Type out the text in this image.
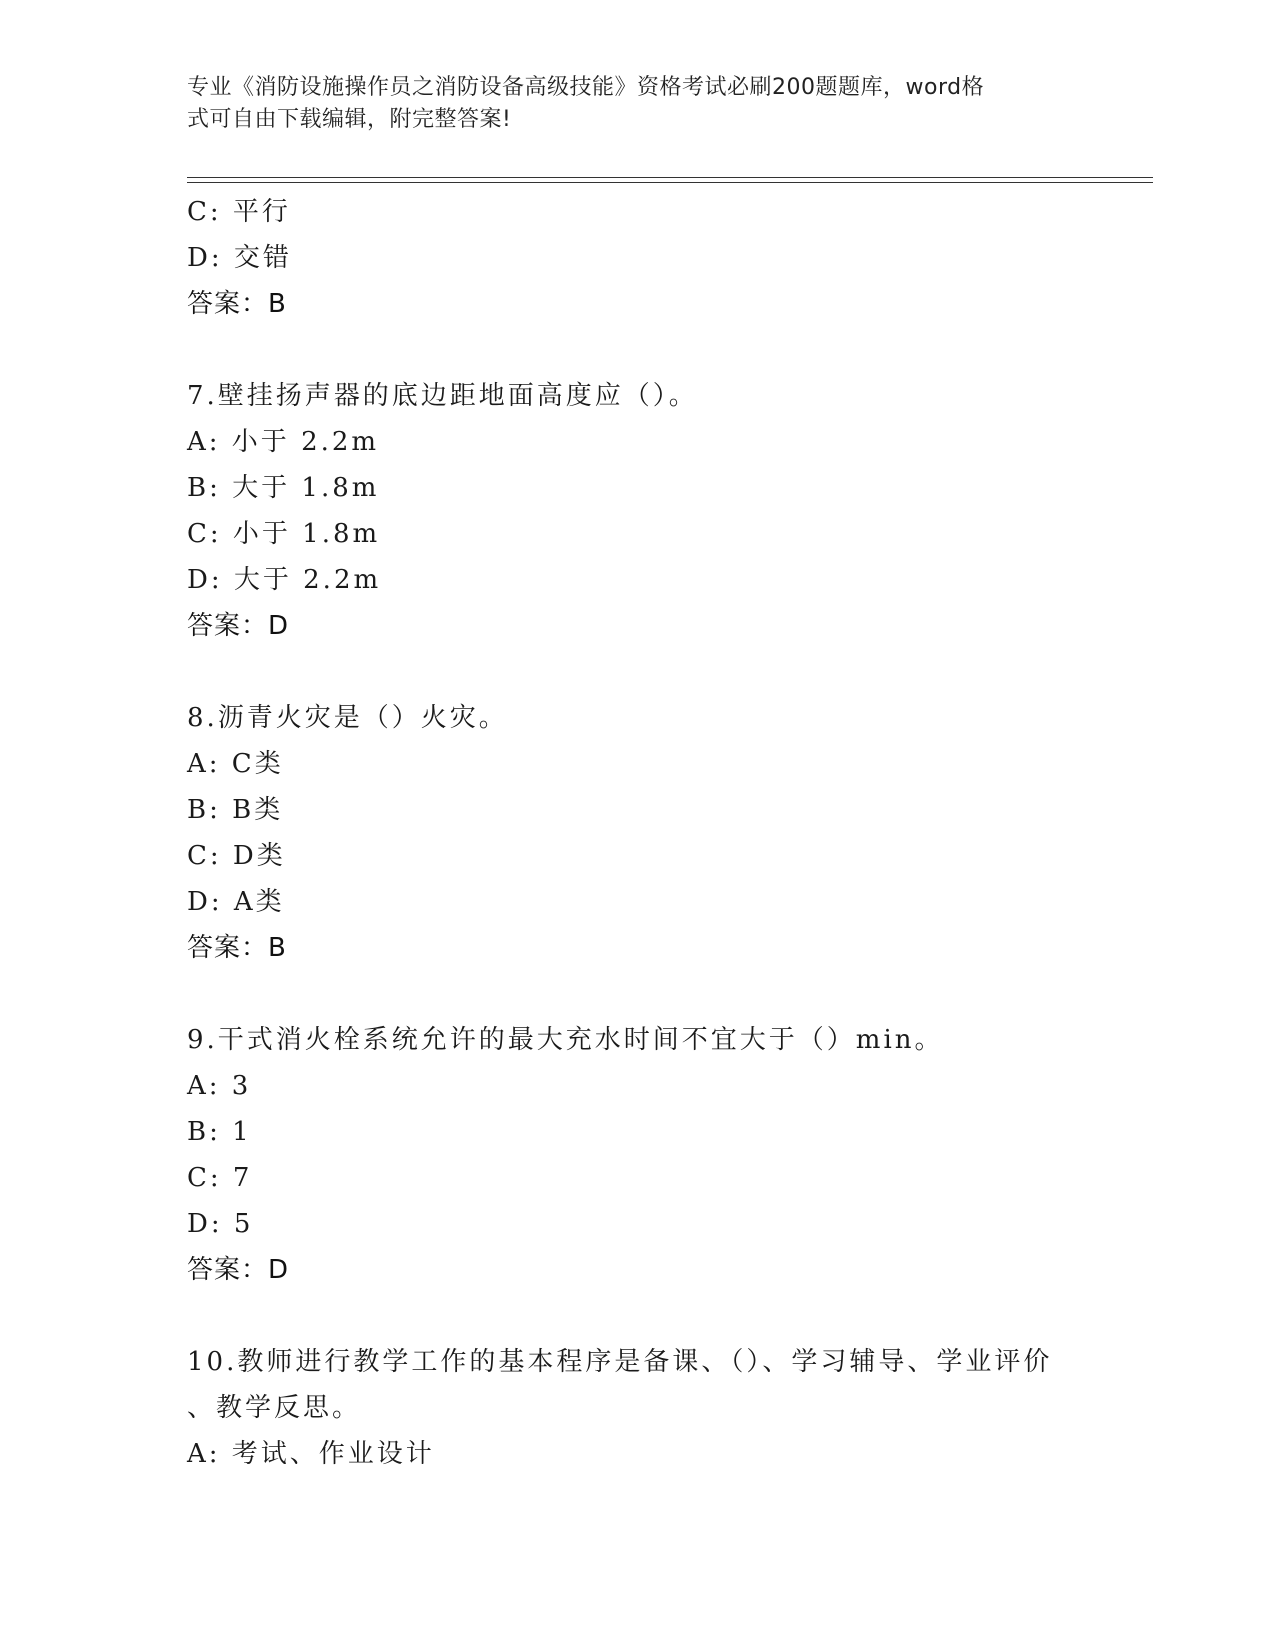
专业《消防设施操作员之消防设备高级技能》资格考试必刷200题题库，word格
式可自由下载编辑，附完整答案!
C: 平行
D: 交错
答案：B
7.壁挂扬声器的底边距地面高度应（）。
A: 小于 2.2m
B: 大于 1.8m
C: 小于 1.8m
D: 大于 2.2m
答案：D
8.沥青火灾是（）火灾。
A: C类
B: B类
C: D类
D: A类
答案：B
9.干式消火栓系统允许的最大充水时间不宜大于（）min。
A: 3
B: 1
C: 7
D: 5
答案：D
10.教师进行教学工作的基本程序是备课、（）、学习辅导、学业评价
、教学反思。
A: 考试、作业设计
